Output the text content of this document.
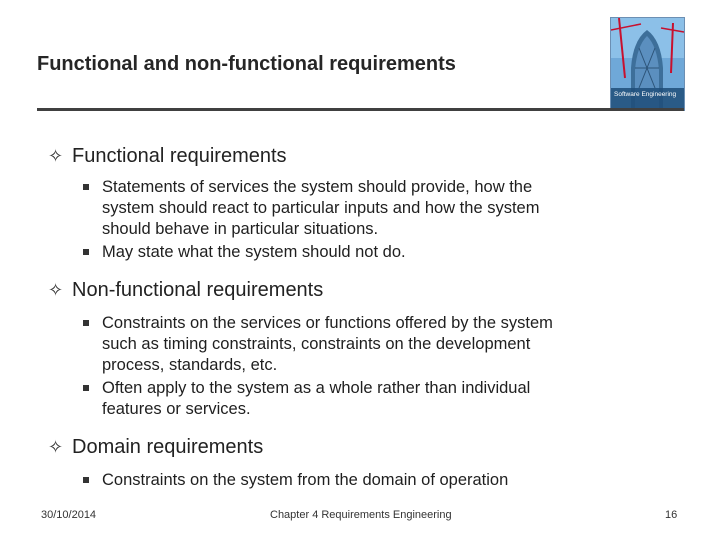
Functional and non-functional requirements
Software Engineering
✧ Functional requirements
Statements of services the system should provide, how the
system should react to particular inputs and how the system
should behave in particular situations.
May state what the system should not do.
✧ Non-functional requirements
Constraints on the services or functions offered by the system
such as timing constraints, constraints on the development
process, standards, etc.
Often apply to the system as a whole rather than individual
features or services.
✧ Domain requirements
Constraints on the system from the domain of operation
30/10/2014	Chapter 4 Requirements Engineering	16
